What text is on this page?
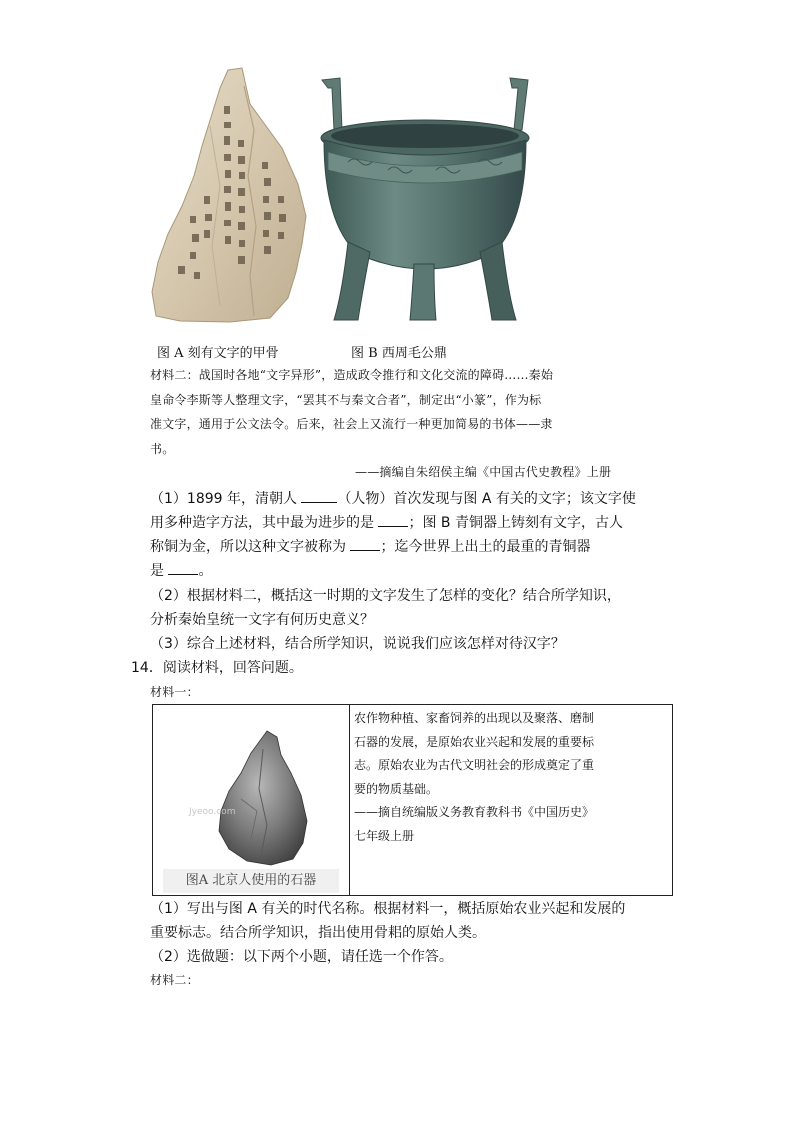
图 A 刻有文字的甲骨	图 B 西周毛公鼎
材料二：战国时各地“文字异形”，造成政令推行和文化交流的障碍……秦始
皇命令李斯等人整理文字，“罢其不与秦文合者”，制定出“小篆”，作为标
准文字，通用于公文法令。后来，社会上又流行一种更加简易的书体——隶
书。
——摘编自朱绍侯主编《中国古代史教程》上册
（1）1899 年，清朝人	（人物）首次发现与图 A 有关的文字；该文字使
用多种造字方法，其中最为进步的是 ；图 B 青铜器上铸刻有文字，古人
称铜为金，所以这种文字被称为 ；迄今世界上出土的最重的青铜器
是 。
（2）根据材料二，概括这一时期的文字发生了怎样的变化？结合所学知识，
分析秦始皇统一文字有何历史意义？
（3）综合上述材料，结合所学知识，说说我们应该怎样对待汉字？
14．阅读材料，回答问题。
材料一：
Jyeoo.com
图A 北京人使用的石器

农作物种植、家畜饲养的出现以及聚落、磨制
石器的发展，是原始农业兴起和发展的重要标
志。原始农业为古代文明社会的形成奠定了重
要的物质基础。
——摘自统编版义务教育教科书《中国历史》
七年级上册
（1）写出与图 A 有关的时代名称。根据材料一，概括原始农业兴起和发展的
重要标志。结合所学知识，指出使用骨耜的原始人类。
（2）选做题：以下两个小题，请任选一个作答。
材料二：
